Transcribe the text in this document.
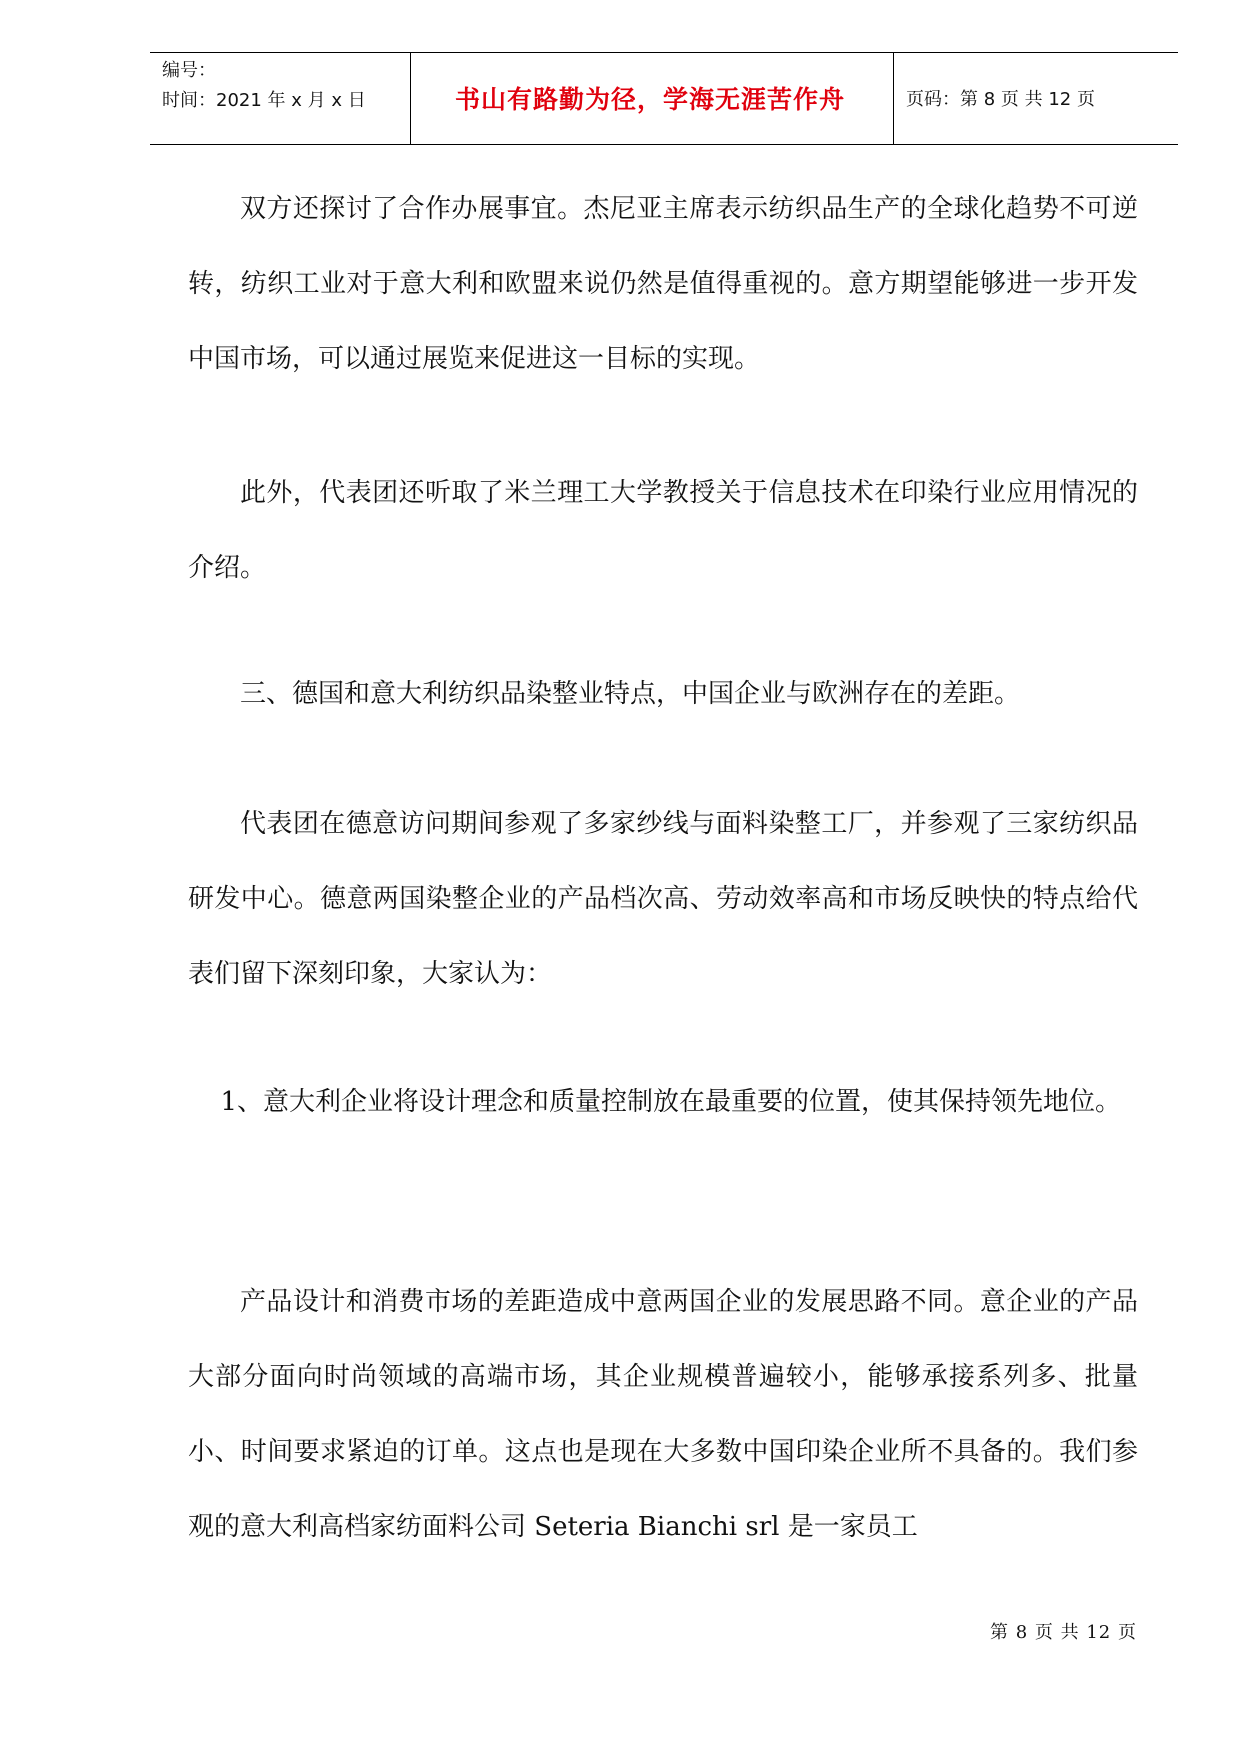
编号：
时间：2021 年 x 月 x 日	书山有路勤为径，学海无涯苦作舟	页码：第 8 页 共 12 页

双方还探讨了合作办展事宜。杰尼亚主席表示纺织品生产的全球化趋势不可逆转，纺织工业对于意大利和欧盟来说仍然是值得重视的。意方期望能够进一步开发中国市场，可以通过展览来促进这一目标的实现。

此外，代表团还听取了米兰理工大学教授关于信息技术在印染行业应用情况的介绍。

三、德国和意大利纺织品染整业特点，中国企业与欧洲存在的差距。

代表团在德意访问期间参观了多家纱线与面料染整工厂，并参观了三家纺织品研发中心。德意两国染整企业的产品档次高、劳动效率高和市场反映快的特点给代表们留下深刻印象，大家认为：

1、意大利企业将设计理念和质量控制放在最重要的位置，使其保持领先地位。

产品设计和消费市场的差距造成中意两国企业的发展思路不同。意企业的产品大部分面向时尚领域的高端市场，其企业规模普遍较小，能够承接系列多、批量小、时间要求紧迫的订单。这点也是现在大多数中国印染企业所不具备的。我们参观的意大利高档家纺面料公司 Seteria Bianchi srl 是一家员工

第 8 页 共 12 页
